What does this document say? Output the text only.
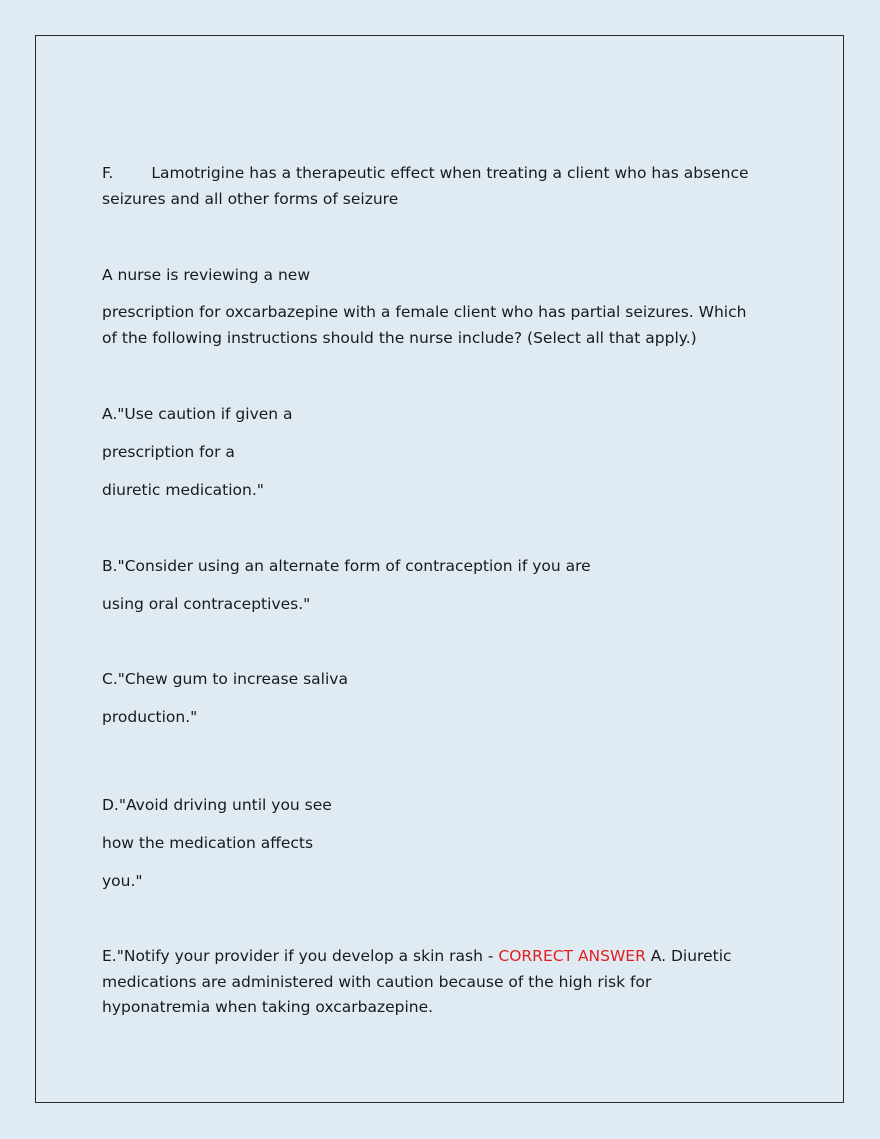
F. Lamotrigine has a therapeutic effect when treating a client who has absence seizures and all other forms of seizure
A nurse is reviewing a new
prescription for oxcarbazepine with a female client who has partial seizures. Which of the following instructions should the nurse include? (Select all that apply.)
A."Use caution if given a
prescription for a
diuretic medication."
B."Consider using an alternate form of contraception if you are
using oral contraceptives."
C."Chew gum to increase saliva
production."
D."Avoid driving until you see
how the medication affects
you."
E."Notify your provider if you develop a skin rash - CORRECT ANSWER A. Diuretic medications are administered with caution because of the high risk for hyponatremia when taking oxcarbazepine.
